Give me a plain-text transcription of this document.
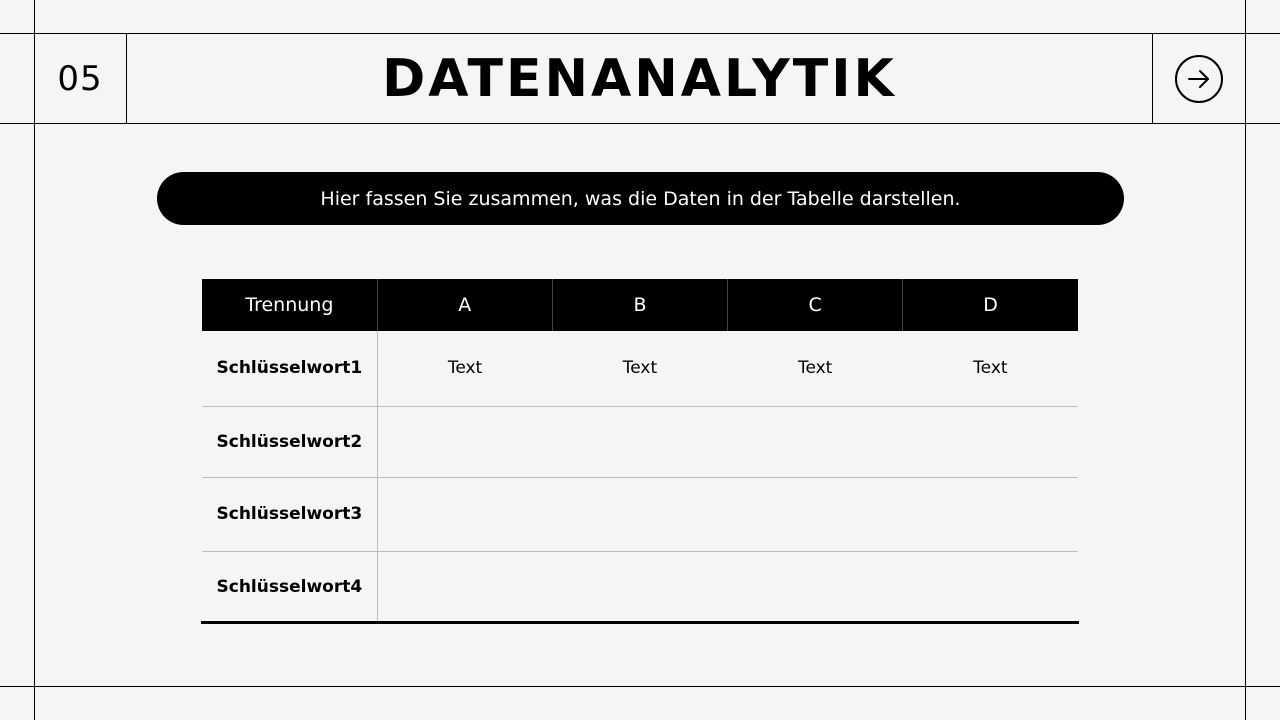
05	DATENANALYTIK
Hier fassen Sie zusammen, was die Daten in der Tabelle darstellen.
Trennung	A	B	C	D
Schlüsselwort1	Text	Text	Text	Text
Schlüsselwort2				
Schlüsselwort3				
Schlüsselwort4				
